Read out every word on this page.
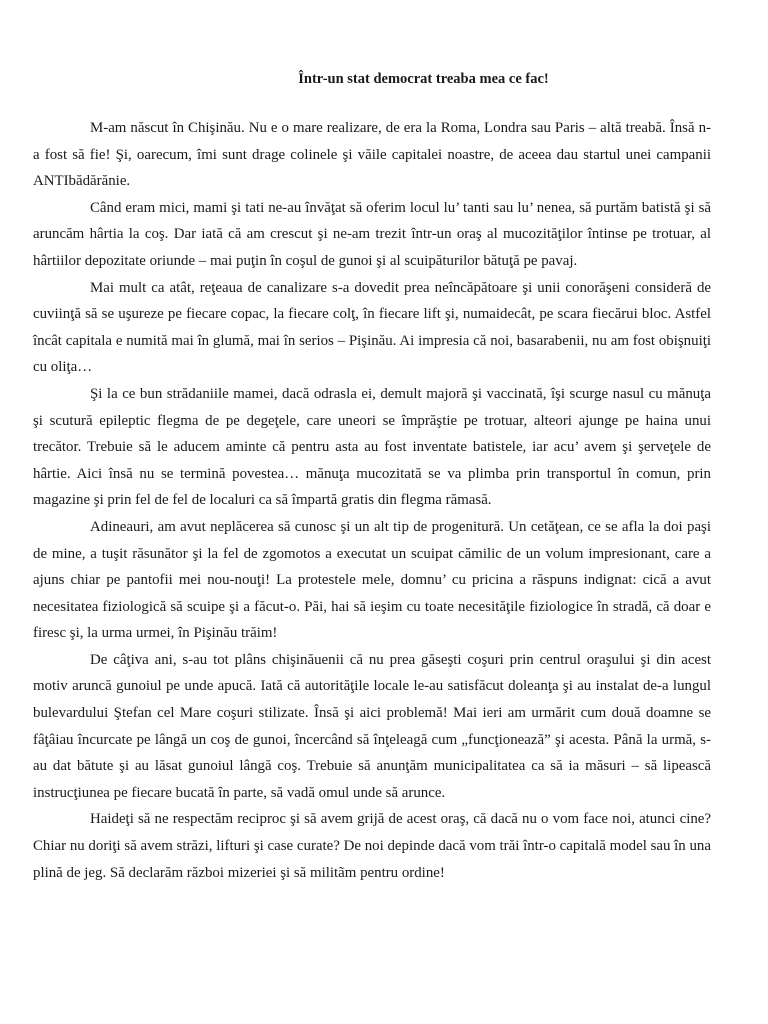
Într-un stat democrat treaba mea ce fac!

M-am născut în Chişinău. Nu e o mare realizare, de era la Roma, Londra sau Paris – altă treabă. Însă n-a fost să fie! Şi, oarecum, îmi sunt drage colinele şi văile capitalei noastre, de aceea dau startul unei campanii ANTIbădărănie.

Când eram mici, mami şi tati ne-au învăţat să oferim locul lu’ tanti sau lu’ nenea, să purtăm batistă şi să aruncăm hârtia la coş. Dar iată că am crescut şi ne-am trezit într-un oraş al mucozităţilor întinse pe trotuar, al hârtiilor depozitate oriunde – mai puţin în coşul de gunoi şi al scuipăturilor bătuţă pe pavaj.

Mai mult ca atât, reţeaua de canalizare s-a dovedit prea neîncăpătoare şi unii conorăşeni consideră de cuviinţă să se uşureze pe fiecare copac, la fiecare colţ, în fiecare lift şi, numaidecât, pe scara fiecărui bloc. Astfel încât capitala e numită mai în glumă, mai în serios – Pişinău. Ai impresia că noi, basarabenii, nu am fost obişnuiţi cu oliţa…

Şi la ce bun strădaniile mamei, dacă odrasla ei, demult majoră şi vaccinată, îşi scurge nasul cu mănuţa şi scutură epileptic flegma de pe degeţele, care uneori se împrăştie pe trotuar, alteori ajunge pe haina unui trecător. Trebuie să le aducem aminte că pentru asta au fost inventate batistele, iar acu’ avem şi şerveţele de hârtie. Aici însă nu se termină povestea… mănuţa mucozitată se va plimba prin transportul în comun, prin magazine şi prin fel de fel de localuri ca să împartă gratis din flegma rămasă.

Adineauri, am avut neplăcerea să cunosc şi un alt tip de progenitură. Un cetăţean, ce se afla la doi paşi de mine, a tuşit răsunător şi la fel de zgomotos a executat un scuipat cămilic de un volum impresionant, care a ajuns chiar pe pantofii mei nou-nouţi! La protestele mele, domnu’ cu pricina a răspuns indignat: cică a avut necesitatea fiziologică să scuipe şi a făcut-o. Păi, hai să ieşim cu toate necesităţile fiziologice în stradă, că doar e firesc şi, la urma urmei, în Pişinău trăim!

De câţiva ani, s-au tot plâns chişinăuenii că nu prea găseşti coşuri prin centrul oraşului şi din acest motiv aruncă gunoiul pe unde apucă. Iată că autorităţile locale le-au satisfăcut doleanţa şi au instalat de-a lungul bulevardului Ştefan cel Mare coşuri stilizate. Însă şi aici problemă! Mai ieri am urmărit cum două doamne se fâţâiau încurcate pe lângă un coş de gunoi, încercând să înţeleagă cum „funcţionează” şi acesta. Până la urmă, s-au dat bătute şi au lăsat gunoiul lângă coş. Trebuie să anunţăm municipalitatea ca să ia măsuri – să lipească instrucţiunea pe fiecare bucată în parte, să vadă omul unde să arunce.

Haideţi să ne respectăm reciproc şi să avem grijă de acest oraş, că dacă nu o vom face noi, atunci cine? Chiar nu doriţi să avem străzi, lifturi şi case curate? De noi depinde dacă vom trăi într-o capitală model sau în una plină de jeg. Să declarăm război mizeriei şi să militãm pentru ordine!
